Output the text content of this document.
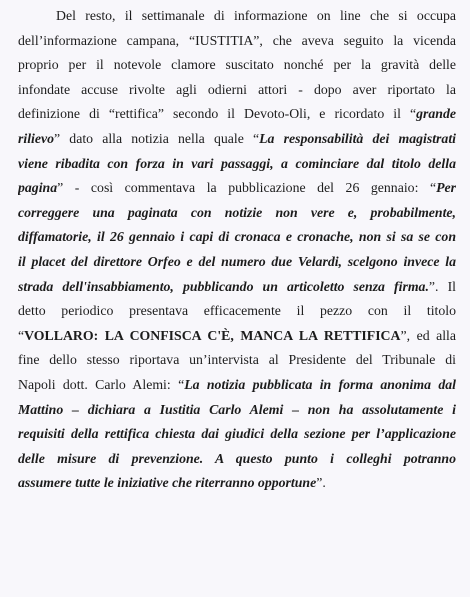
Del resto, il settimanale di informazione on line che si occupa
dell’informazione campana, “IUSTITIA”, che aveva seguito la vicenda
proprio per il notevole clamore suscitato nonché per la gravità delle
infondate accuse rivolte agli odierni attori - dopo aver riportato la
definizione di “rettifica” secondo il Devoto-Oli, e ricordato il “grande
rilievo” dato alla notizia nella quale “La responsabilità dei magistrati
viene ribadita con forza in vari passaggi, a cominciare dal titolo della
pagina” - così commentava la pubblicazione del 26 gennaio: “Per
correggere una paginata con notizie non vere e, probabilmente,
diffamatorie, il 26 gennaio i capi di cronaca e cronache, non si sa se con
il placet del direttore Orfeo e del numero due Velardi, scelgono invece la
strada dell'insabbiamento, pubblicando un articoletto senza firma.”. Il
detto periodico presentava efficacemente il pezzo con il titolo
“VOLLARO: LA CONFISCA C'È, MANCA LA RETTIFICA”, ed alla
fine dello stesso riportava un’intervista al Presidente del Tribunale di
Napoli dott. Carlo Alemi: “La notizia pubblicata in forma anonima dal
Mattino – dichiara a Iustitia Carlo Alemi – non ha assolutamente i
requisiti della rettifica chiesta dai giudici della sezione per l’applicazione
delle misure di prevenzione. A questo punto i colleghi potranno
assumere tutte le iniziative che riterranno opportune”.
